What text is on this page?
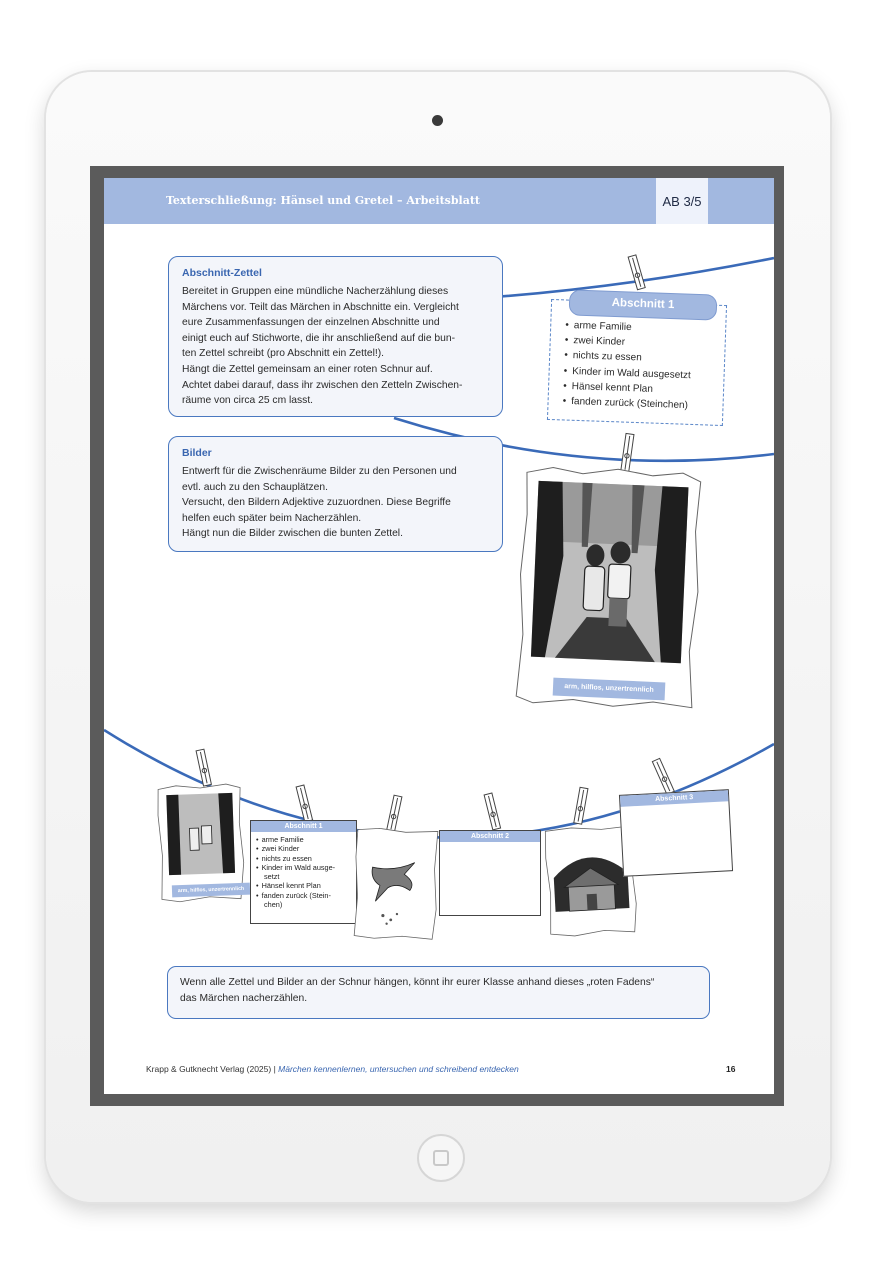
Texterschließung: Hänsel und Gretel – Arbeitsblatt	AB 3/5
Abschnitt-Zettel
Bereitet in Gruppen eine mündliche Nacherzählung dieses
Märchens vor. Teilt das Märchen in Abschnitte ein. Vergleicht
eure Zusammenfassungen der einzelnen Abschnitte und
einigt euch auf Stichworte, die ihr anschließend auf die bun-
ten Zettel schreibt (pro Abschnitt ein Zettel!).
Hängt die Zettel gemeinsam an einer roten Schnur auf.
Achtet dabei darauf, dass ihr zwischen den Zetteln Zwischen-
räume von circa 25 cm lasst.
Bilder
Entwerft für die Zwischenräume Bilder zu den Personen und
evtl. auch zu den Schauplätzen.
Versucht, den Bildern Adjektive zuzuordnen. Diese Begriffe
helfen euch später beim Nacherzählen.
Hängt nun die Bilder zwischen die bunten Zettel.
Abschnitt 1
• arme Familie
• zwei Kinder
• nichts zu essen
• Kinder im Wald ausgesetzt
• Hänsel kennt Plan
• fanden zurück (Steinchen)
arm, hilflos, unzertrennlich
arm, hilflos, unzertrennlich
Abschnitt 1
• arme Familie
• zwei Kinder
• nichts zu essen
• Kinder im Wald ausge-
setzt
• Hänsel kennt Plan
• fanden zurück (Stein-
chen)
Abschnitt 2
Abschnitt 3
Wenn alle Zettel und Bilder an der Schnur hängen, könnt ihr eurer Klasse anhand dieses „roten Fadens“
das Märchen nacherzählen.
Krapp & Gutknecht Verlag (2025) | Märchen kennenlernen, untersuchen und schreibend entdecken	16
